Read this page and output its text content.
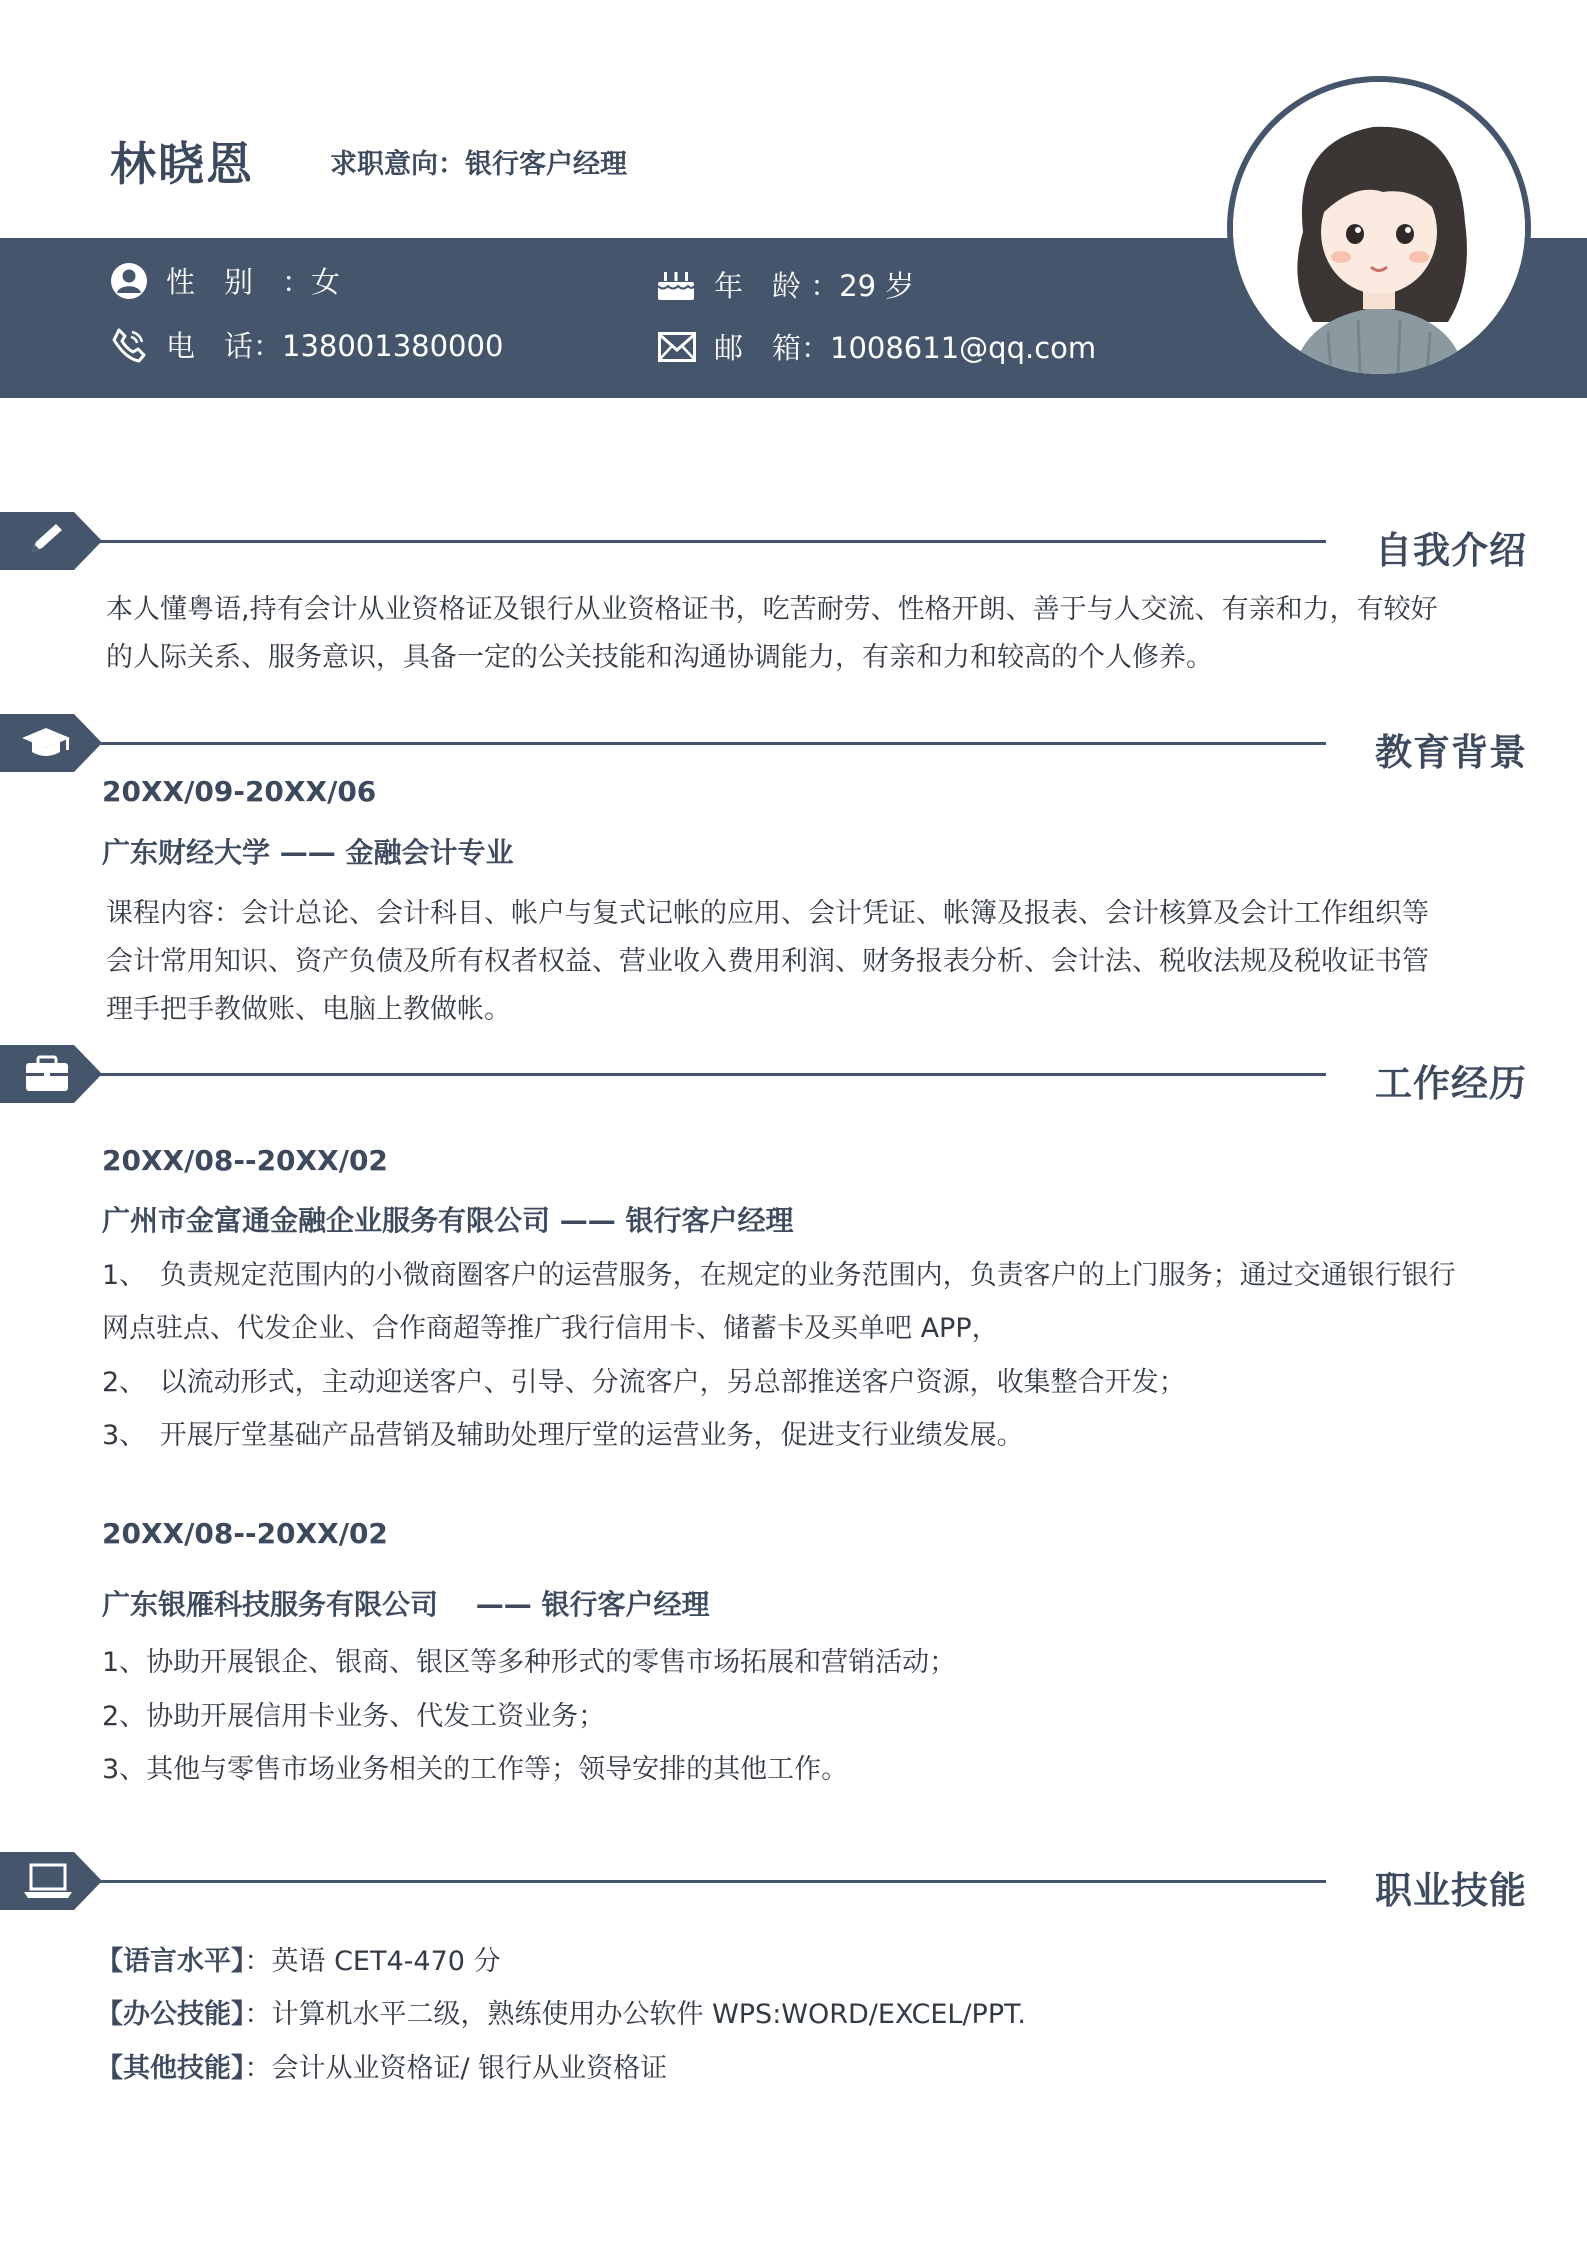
林晓恩	求职意向：银行客户经理
性　别　：女	年　龄 ：29 岁
电　话：138001380000	邮　箱：1008611@qq.com
自我介绍
本人懂粤语,持有会计从业资格证及银行从业资格证书，吃苦耐劳、性格开朗、善于与人交流、有亲和力，有较好
的人际关系、服务意识，具备一定的公关技能和沟通协调能力，有亲和力和较高的个人修养。
教育背景
20XX/09-20XX/06
广东财经大学 —— 金融会计专业
课程内容：会计总论、会计科目、帐户与复式记帐的应用、会计凭证、帐簿及报表、会计核算及会计工作组织等
会计常用知识、资产负债及所有权者权益、营业收入费用利润、财务报表分析、会计法、税收法规及税收证书管
理手把手教做账、电脑上教做帐。
工作经历
20XX/08--20XX/02
广州市金富通金融企业服务有限公司 —— 银行客户经理
1、　负责规定范围内的小微商圈客户的运营服务，在规定的业务范围内，负责客户的上门服务；通过交通银行银行
网点驻点、代发企业、合作商超等推广我行信用卡、储蓄卡及买单吧 APP，
2、　以流动形式，主动迎送客户、引导、分流客户，另总部推送客户资源，收集整合开发；
3、　开展厅堂基础产品营销及辅助处理厅堂的运营业务，促进支行业绩发展。
20XX/08--20XX/02
广东银雁科技服务有限公司　 —— 银行客户经理
1、协助开展银企、银商、银区等多种形式的零售市场拓展和营销活动；
2、协助开展信用卡业务、代发工资业务；
3、其他与零售市场业务相关的工作等；领导安排的其他工作。
职业技能
【语言水平】：英语 CET4-470 分
【办公技能】：计算机水平二级，熟练使用办公软件 WPS:WORD/EXCEL/PPT.
【其他技能】：会计从业资格证/ 银行从业资格证
